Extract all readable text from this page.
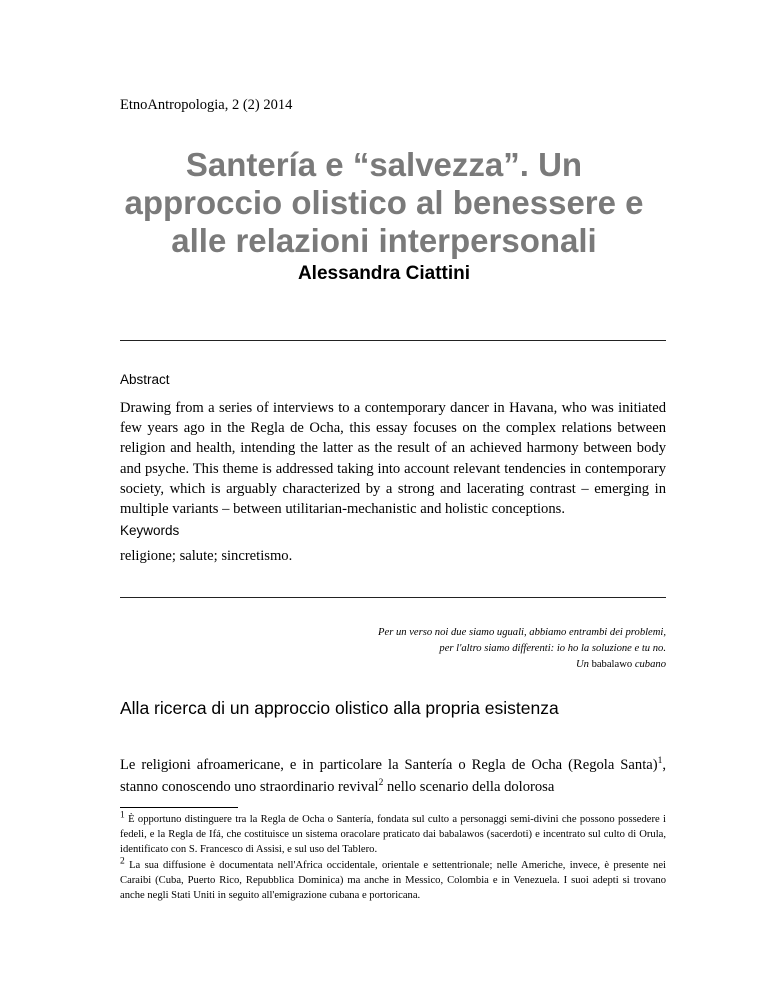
EtnoAntropologia, 2 (2) 2014
Santería e “salvezza”. Un approccio olistico al benessere e alle relazioni interpersonali
Alessandra Ciattini
Abstract
Drawing from a series of interviews to a contemporary dancer in Havana, who was initiated few years ago in the Regla de Ocha, this essay focuses on the complex relations between religion and health, intending the latter as the result of an achieved harmony between body and psyche. This theme is addressed taking into account relevant tendencies in contemporary society, which is arguably characterized by a strong and lacerating contrast – emerging in multiple variants – between utilitarian-mechanistic and holistic conceptions.
Keywords
religione; salute; sincretismo.
Per un verso noi due siamo uguali, abbiamo entrambi dei problemi,
per l'altro siamo differenti: io ho la soluzione e tu no.
Un babalawo cubano
Alla ricerca di un approccio olistico alla propria esistenza
Le religioni afroamericane, e in particolare la Santería o Regla de Ocha (Regola Santa)$^1$, stanno conoscendo uno straordinario revival$^2$ nello scenario della dolorosa

$^1$ È opportuno distinguere tra la Regla de Ocha o Santería, fondata sul culto a personaggi semi-divini che possono possedere i fedeli, e la Regla de Ifá, che costituisce un sistema oracolare praticato dai babalawos (sacerdoti) e incentrato sul culto di Orula, identificato con S. Francesco di Assisi, e sul uso del Tablero.

$^2$ La sua diffusione è documentata nell'Africa occidentale, orientale e settentrionale; nelle Americhe, invece, è presente nei Caraibi (Cuba, Puerto Rico, Repubblica Dominica) ma anche in Messico, Colombia e in Venezuela. I suoi adepti si trovano anche negli Stati Uniti in seguito all'emigrazione cubana e portoricana.
